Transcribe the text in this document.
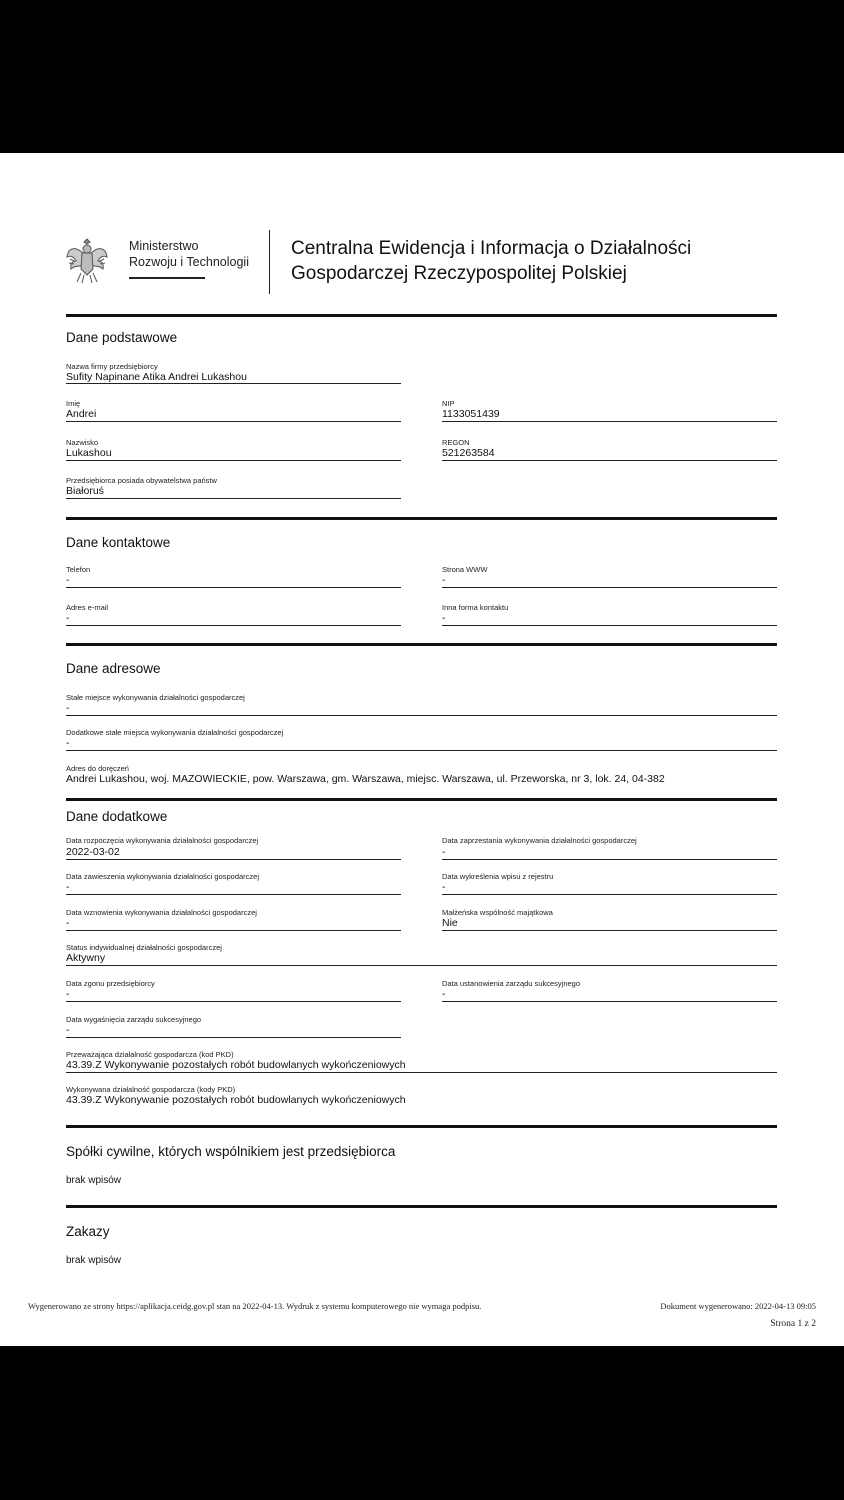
Ministerstwo
Rozwoju i Technologii
Centralna Ewidencja i Informacja o Działalności
Gospodarczej Rzeczypospolitej Polskiej
Dane podstawowe
Nazwa firmy przedsiębiorcy
Sufity Napinane Atika Andrei Lukashou
Imię
Andrei
NIP
1133051439
Nazwisko
Lukashou
REGON
521263584
Przedsiębiorca posiada obywatelstwa państw
Białoruś
Dane kontaktowe
Telefon
-
Strona WWW
-
Adres e-mail
-
Inna forma kontaktu
-
Dane adresowe
Stałe miejsce wykonywania działalności gospodarczej
-
Dodatkowe stałe miejsca wykonywania działalności gospodarczej
-
Adres do doręczeń
Andrei Lukashou, woj. MAZOWIECKIE, pow. Warszawa, gm. Warszawa, miejsc. Warszawa, ul. Przeworska, nr 3, lok. 24, 04-382
Dane dodatkowe
Data rozpoczęcia wykonywania działalności gospodarczej
2022-03-02
Data zaprzestania wykonywania działalności gospodarczej
-
Data zawieszenia wykonywania działalności gospodarczej
-
Data wykreślenia wpisu z rejestru
-
Data wznowienia wykonywania działalności gospodarczej
-
Małżeńska wspólność majątkowa
Nie
Status indywidualnej działalności gospodarczej
Aktywny
Data zgonu przedsiębiorcy
-
Data ustanowienia zarządu sukcesyjnego
-
Data wygaśnięcia zarządu sukcesyjnego
-
Przeważająca działalność gospodarcza (kod PKD)
43.39.Z Wykonywanie pozostałych robót budowlanych wykończeniowych
Wykonywana działalność gospodarcza (kody PKD)
43.39.Z Wykonywanie pozostałych robót budowlanych wykończeniowych
Spółki cywilne, których wspólnikiem jest przedsiębiorca
brak wpisów
Zakazy
brak wpisów
Wygenerowano ze strony https://aplikacja.ceidg.gov.pl stan na 2022-04-13. Wydruk z systemu komputerowego nie wymaga podpisu.	Dokument wygenerowano: 2022-04-13 09:05
Strona 1 z 2
